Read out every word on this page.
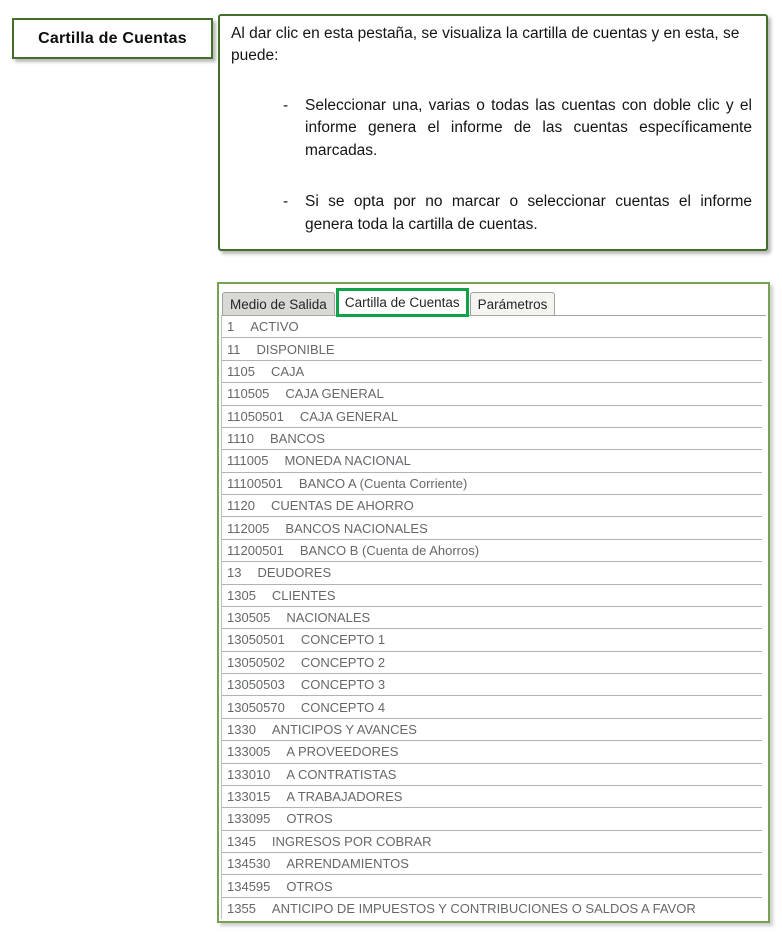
Cartilla de Cuentas	Al dar clic en esta pestaña, se visualiza la cartilla de cuentas y en esta, se puede:

-	Seleccionar una, varias o todas las cuentas con doble clic y el informe genera el informe de las cuentas específicamente marcadas.
-	Si se opta por no marcar o seleccionar cuentas el informe genera toda la cartilla de cuentas.
Medio de Salida	Cartilla de Cuentas	Parámetros
1 ACTIVO
11 DISPONIBLE
1105 CAJA
110505 CAJA GENERAL
11050501 CAJA GENERAL
1110 BANCOS
111005 MONEDA NACIONAL
11100501 BANCO A (Cuenta Corriente)
1120 CUENTAS DE AHORRO
112005 BANCOS NACIONALES
11200501 BANCO B (Cuenta de Ahorros)
13 DEUDORES
1305 CLIENTES
130505 NACIONALES
13050501 CONCEPTO 1
13050502 CONCEPTO 2
13050503 CONCEPTO 3
13050570 CONCEPTO 4
1330 ANTICIPOS Y AVANCES
133005 A PROVEEDORES
133010 A CONTRATISTAS
133015 A TRABAJADORES
133095 OTROS
1345 INGRESOS POR COBRAR
134530 ARRENDAMIENTOS
134595 OTROS
1355 ANTICIPO DE IMPUESTOS Y CONTRIBUCIONES O SALDOS A FAVOR
